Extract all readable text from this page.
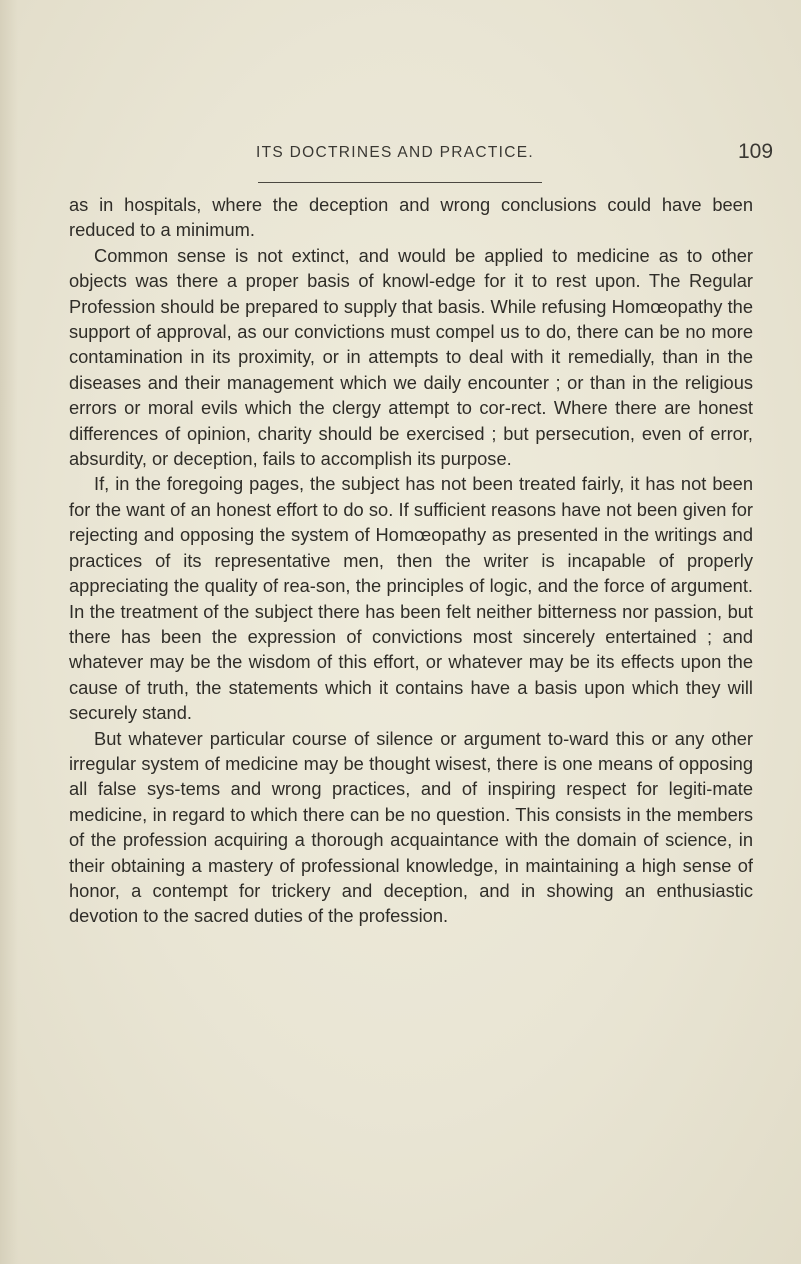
ITS DOCTRINES AND PRACTICE.	109

as in hospitals, where the deception and wrong conclusions could have been reduced to a minimum.

Common sense is not extinct, and would be applied to medicine as to other objects was there a proper basis of knowl-edge for it to rest upon. The Regular Profession should be prepared to supply that basis. While refusing Homœopathy the support of approval, as our convictions must compel us to do, there can be no more contamination in its proximity, or in attempts to deal with it remedially, than in the diseases and their management which we daily encounter ; or than in the religious errors or moral evils which the clergy attempt to cor-rect. Where there are honest differences of opinion, charity should be exercised ; but persecution, even of error, absurdity, or deception, fails to accomplish its purpose.

If, in the foregoing pages, the subject has not been treated fairly, it has not been for the want of an honest effort to do so. If sufficient reasons have not been given for rejecting and opposing the system of Homœopathy as presented in the writings and practices of its representative men, then the writer is incapable of properly appreciating the quality of rea-son, the principles of logic, and the force of argument. In the treatment of the subject there has been felt neither bitterness nor passion, but there has been the expression of convictions most sincerely entertained ; and whatever may be the wisdom of this effort, or whatever may be its effects upon the cause of truth, the statements which it contains have a basis upon which they will securely stand.

But whatever particular course of silence or argument to-ward this or any other irregular system of medicine may be thought wisest, there is one means of opposing all false sys-tems and wrong practices, and of inspiring respect for legiti-mate medicine, in regard to which there can be no question. This consists in the members of the profession acquiring a thorough acquaintance with the domain of science, in their obtaining a mastery of professional knowledge, in maintaining a high sense of honor, a contempt for trickery and deception, and in showing an enthusiastic devotion to the sacred duties of the profession.
